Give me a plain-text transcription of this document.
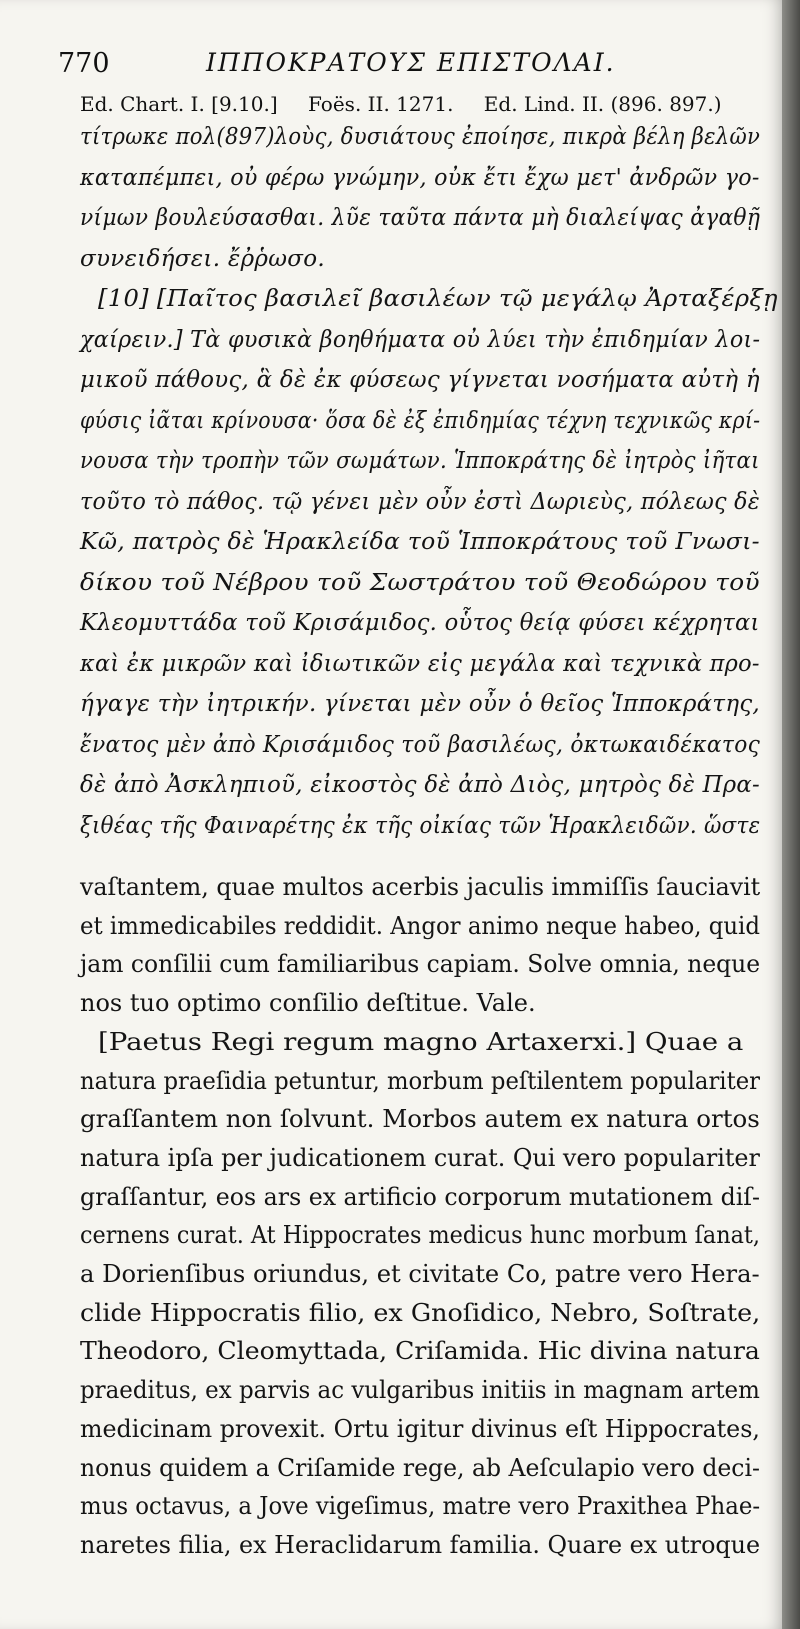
770	ΙΠΠΟΚΡΑΤΟΥΣ ΕΠΙΣΤΟΛΑΙ.
Ed. Chart. I. [9.10.] Foës. II. 1271. Ed. Lind. II. (896. 897.)
τίτρωκε πολ(897)λοὺς, δυσιάτους ἐποίησε, πικρὰ βέλη βελῶν
καταπέμπει, οὐ φέρω γνώμην, οὐκ ἔτι ἔχω μετ' ἀνδρῶν γο-
νίμων βουλεύσασθαι. λῦε ταῦτα πάντα μὴ διαλείψας ἀγαθῇ
συνειδήσει. ἔῤῥωσο.
[10] [Παῖτος βασιλεῖ βασιλέων τῷ μεγάλῳ Ἀρταξέρξῃ
χαίρειν.] Τὰ φυσικὰ βοηθήματα οὐ λύει τὴν ἐπιδημίαν λοι-
μικοῦ πάθους, ἃ δὲ ἐκ φύσεως γίγνεται νοσήματα αὐτὴ ἡ
φύσις ἰᾶται κρίνουσα· ὅσα δὲ ἐξ ἐπιδημίας τέχνη τεχνικῶς κρί-
νουσα τὴν τροπὴν τῶν σωμάτων. Ἱπποκράτης δὲ ἰητρὸς ἰῆται
τοῦτο τὸ πάθος. τῷ γένει μὲν οὖν ἐστὶ Δωριεὺς, πόλεως δὲ
Κῶ, πατρὸς δὲ Ἡρακλείδα τοῦ Ἱπποκράτους τοῦ Γνωσι-
δίκου τοῦ Νέβρου τοῦ Σωστράτου τοῦ Θεοδώρου τοῦ
Κλεομυττάδα τοῦ Κρισάμιδος. οὗτος θείᾳ φύσει κέχρηται
καὶ ἐκ μικρῶν καὶ ἰδιωτικῶν εἰς μεγάλα καὶ τεχνικὰ προ-
ήγαγε τὴν ἰητρικήν. γίνεται μὲν οὖν ὁ θεῖος Ἱπποκράτης,
ἔνατος μὲν ἀπὸ Κρισάμιδος τοῦ βασιλέως, ὀκτωκαιδέκατος
δὲ ἀπὸ Ἀσκληπιοῦ, εἰκοστὸς δὲ ἀπὸ Διὸς, μητρὸς δὲ Πρα-
ξιθέας τῆς Φαιναρέτης ἐκ τῆς οἰκίας τῶν Ἡρακλειδῶν. ὥστε
vaſtantem, quae multos acerbis jaculis immiſſis ſauciavit
et immedicabiles reddidit. Angor animo neque habeo, quid
jam conſilii cum familiaribus capiam. Solve omnia, neque
nos tuo optimo conſilio deſtitue. Vale.
[Paetus Regi regum magno Artaxerxi.] Quae a
natura praeſidia petuntur, morbum peſtilentem populariter
graſſantem non ſolvunt. Morbos autem ex natura ortos
natura ipſa per judicationem curat. Qui vero populariter
graſſantur, eos ars ex artificio corporum mutationem diſ-
cernens curat. At Hippocrates medicus hunc morbum ſanat,
a Dorienſibus oriundus, et civitate Co, patre vero Hera-
clide Hippocratis filio, ex Gnoſidico, Nebro, Soſtrate,
Theodoro, Cleomyttada, Criſamida. Hic divina natura
praeditus, ex parvis ac vulgaribus initiis in magnam artem
medicinam provexit. Ortu igitur divinus eſt Hippocrates,
nonus quidem a Criſamide rege, ab Aeſculapio vero deci-
mus octavus, a Jove vigeſimus, matre vero Praxithea Phae-
naretes filia, ex Heraclidarum familia. Quare ex utroque
